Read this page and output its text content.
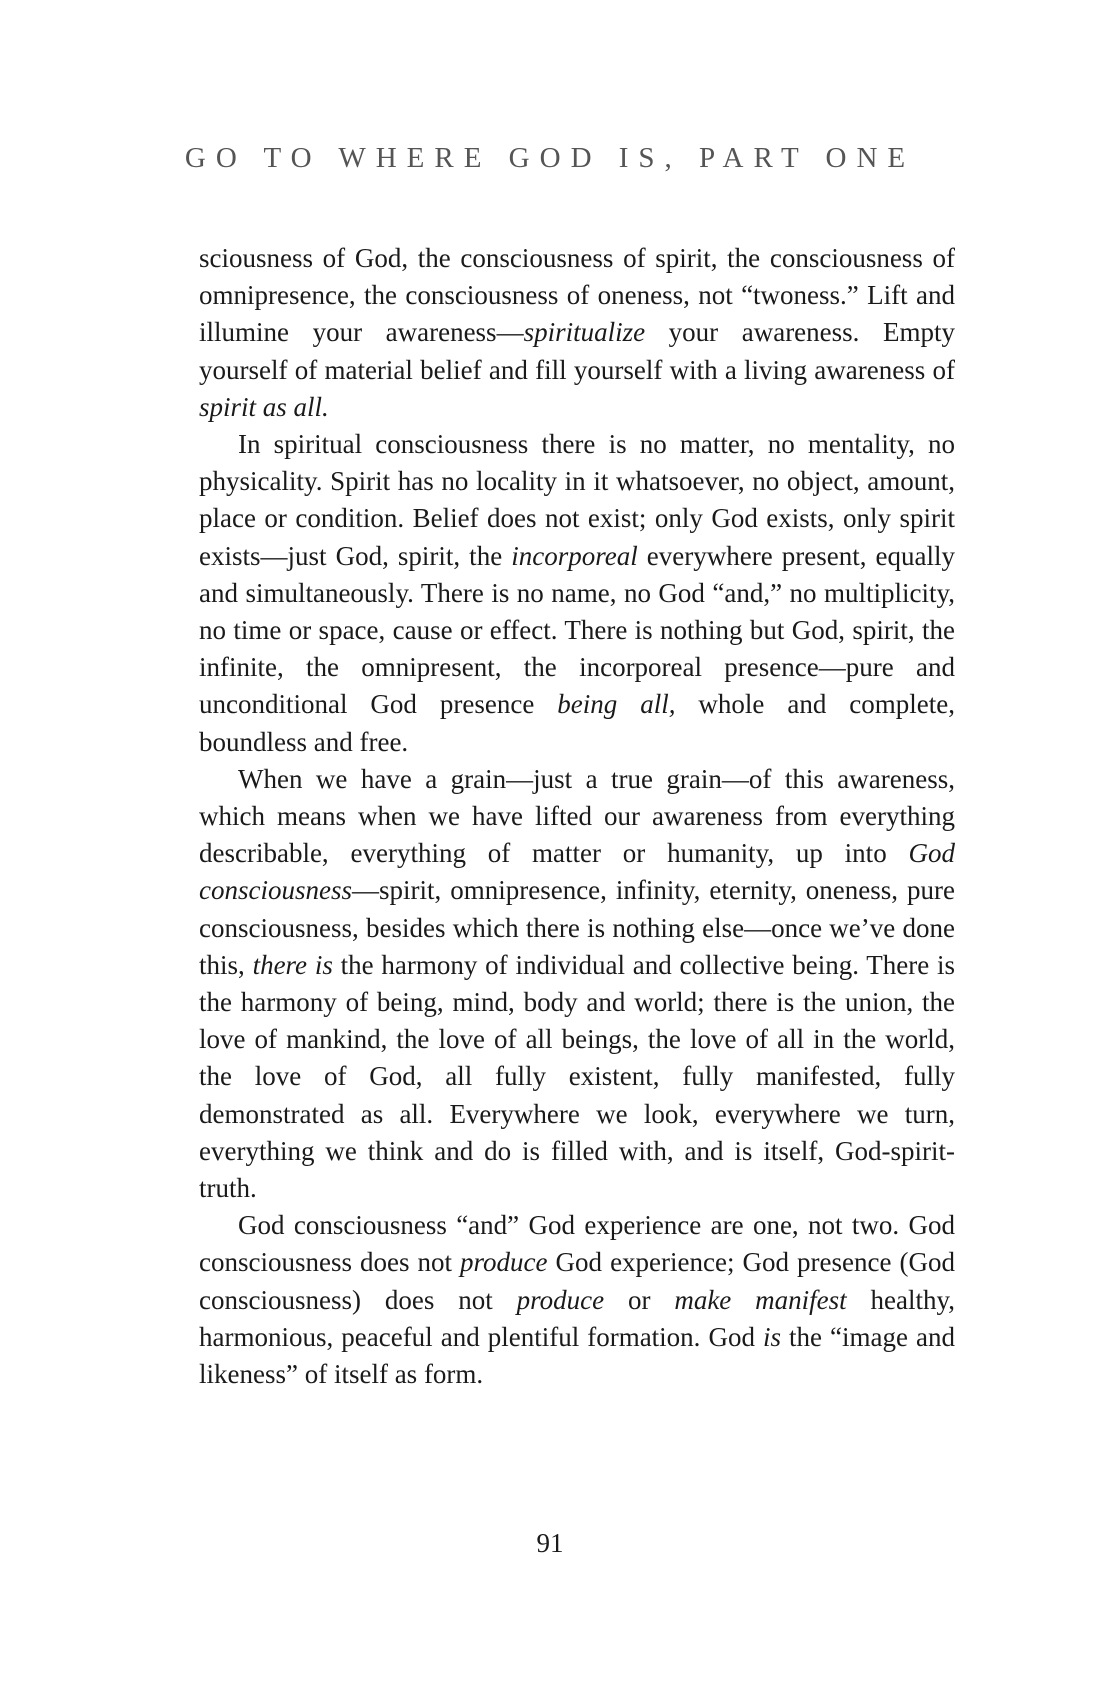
GO TO WHERE GOD IS, PART ONE

sciousness of God, the consciousness of spirit, the consciousness of omnipresence, the consciousness of oneness, not “twoness.” Lift and illumine your awareness—spiritualize your awareness. Empty yourself of material belief and fill yourself with a living awareness of spirit as all.

In spiritual consciousness there is no matter, no mentality, no physicality. Spirit has no locality in it whatsoever, no object, amount, place or condition. Belief does not exist; only God exists, only spirit exists—just God, spirit, the incorporeal everywhere present, equally and simultaneously. There is no name, no God “and,” no multiplicity, no time or space, cause or effect. There is nothing but God, spirit, the infinite, the omnipresent, the incorporeal presence—pure and unconditional God presence being all, whole and complete, boundless and free.

When we have a grain—just a true grain—of this awareness, which means when we have lifted our awareness from everything describable, everything of matter or humanity, up into God consciousness—spirit, omnipresence, infinity, eternity, oneness, pure consciousness, besides which there is nothing else—once we’ve done this, there is the harmony of individual and collective being. There is the harmony of being, mind, body and world; there is the union, the love of mankind, the love of all beings, the love of all in the world, the love of God, all fully existent, fully manifested, fully demonstrated as all. Everywhere we look, everywhere we turn, everything we think and do is filled with, and is itself, God-spirit-truth.

God consciousness “and” God experience are one, not two. God consciousness does not produce God experience; God presence (God consciousness) does not produce or make manifest healthy, harmonious, peaceful and plentiful formation. God is the “image and likeness” of itself as form.

91
